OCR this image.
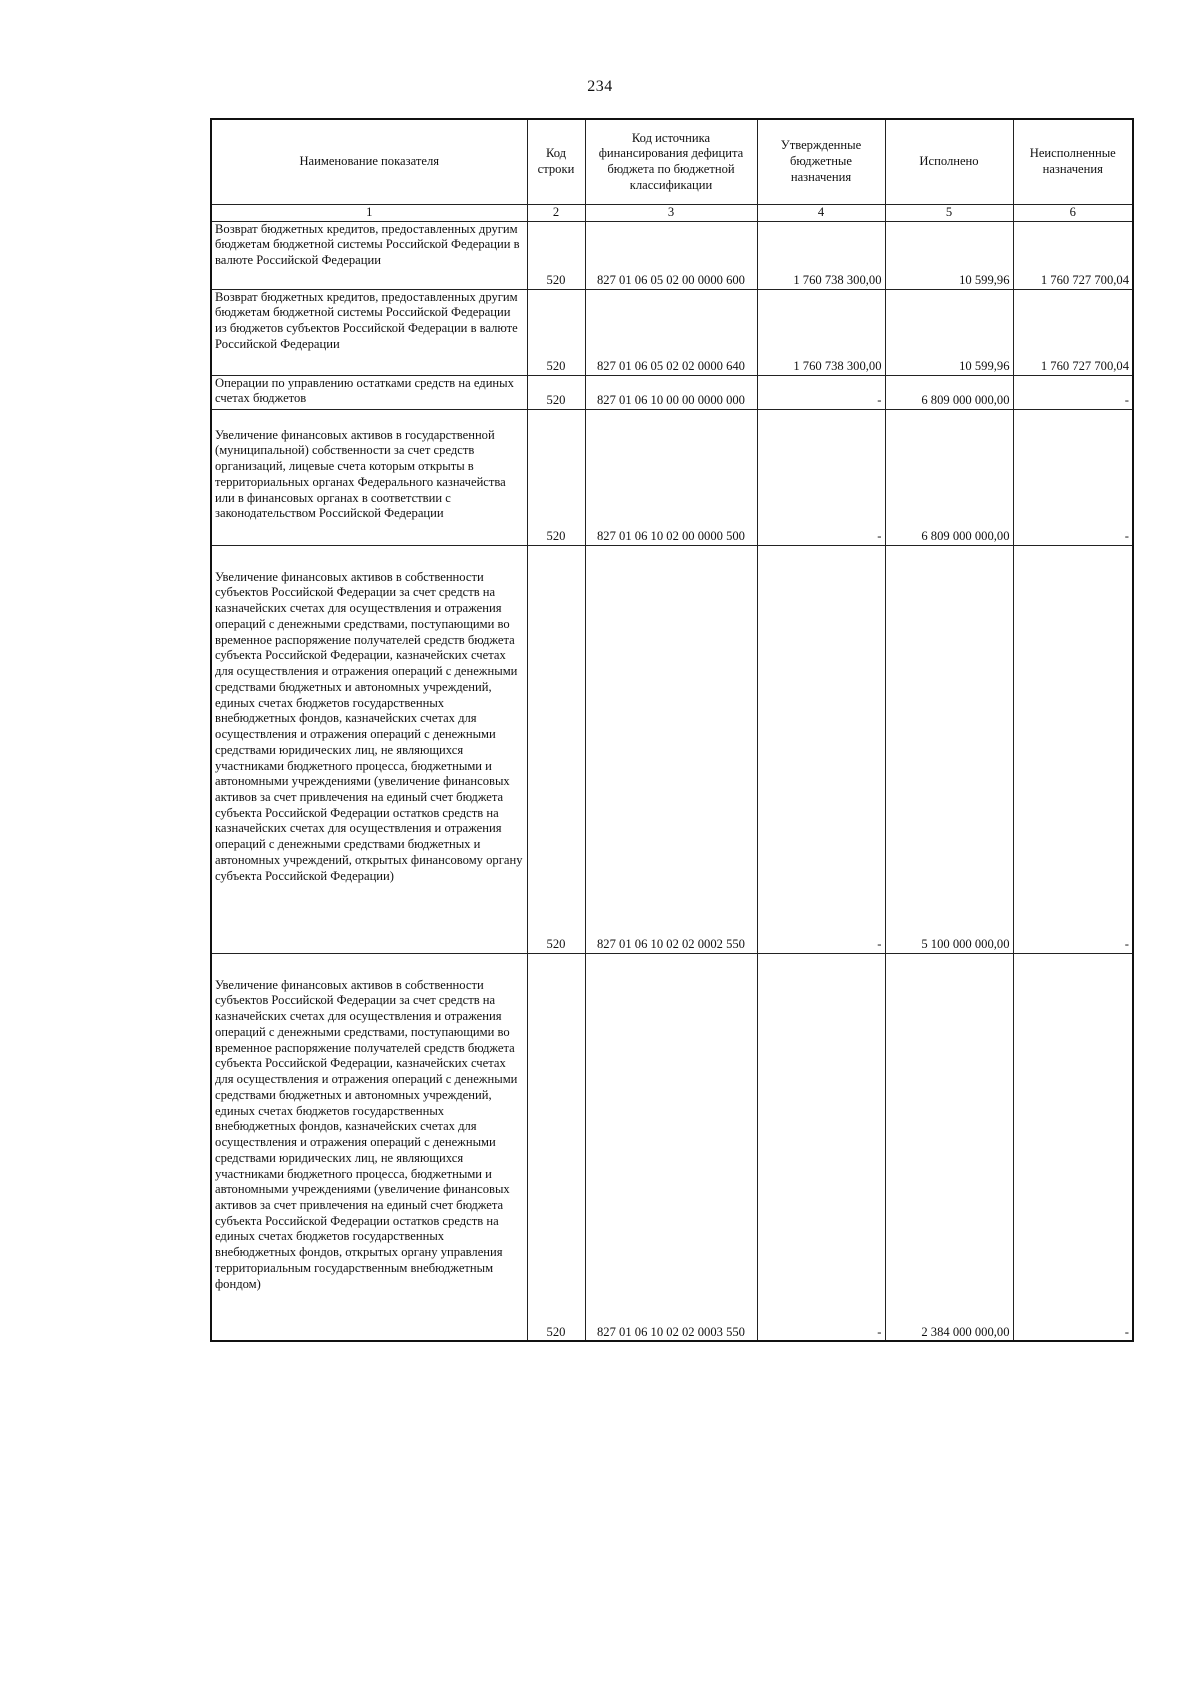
234
Наименование показателя	Код строки	Код источника финансирования дефицита бюджета по бюджетной классификации	Утвержденные бюджетные назначения	Исполнено	Неисполненные назначения
1	2	3	4	5	6
Возврат бюджетных кредитов, предоставленных другим бюджетам бюджетной системы Российской Федерации в валюте Российской Федерации	520	827 01 06 05 02 00 0000 600	1 760 738 300,00	10 599,96	1 760 727 700,04
Возврат бюджетных кредитов, предоставленных другим бюджетам бюджетной системы Российской Федерации из бюджетов субъектов Российской Федерации в валюте Российской Федерации	520	827 01 06 05 02 02 0000 640	1 760 738 300,00	10 599,96	1 760 727 700,04
Операции по управлению остатками средств на единых счетах бюджетов	520	827 01 06 10 00 00 0000 000	-	6 809 000 000,00	-
Увеличение финансовых активов в государственной (муниципальной) собственности за счет средств организаций, лицевые счета которым открыты в территориальных органах Федерального казначейства или в финансовых органах в соответствии с законодательством Российской Федерации	520	827 01 06 10 02 00 0000 500	-	6 809 000 000,00	-
Увеличение финансовых активов в собственности субъектов Российской Федерации за счет средств на казначейских счетах для осуществления и отражения операций с денежными средствами, поступающими во временное распоряжение получателей средств бюджета субъекта Российской Федерации, казначейских счетах для осуществления и отражения операций с денежными средствами бюджетных и автономных учреждений, единых счетах бюджетов государственных внебюджетных фондов, казначейских счетах для осуществления и отражения операций с денежными средствами юридических лиц, не являющихся участниками бюджетного процесса, бюджетными и автономными учреждениями (увеличение финансовых активов за счет привлечения на единый счет бюджета субъекта Российской Федерации остатков средств на казначейских счетах для осуществления и отражения операций с денежными средствами бюджетных и автономных учреждений, открытых финансовому органу субъекта Российской Федерации)	520	827 01 06 10 02 02 0002 550	-	5 100 000 000,00	-
Увеличение финансовых активов в собственности субъектов Российской Федерации за счет средств на казначейских счетах для осуществления и отражения операций с денежными средствами, поступающими во временное распоряжение получателей средств бюджета субъекта Российской Федерации, казначейских счетах для осуществления и отражения операций с денежными средствами бюджетных и автономных учреждений, единых счетах бюджетов государственных внебюджетных фондов, казначейских счетах для осуществления и отражения операций с денежными средствами юридических лиц, не являющихся участниками бюджетного процесса, бюджетными и автономными учреждениями (увеличение финансовых активов за счет привлечения на единый счет бюджета субъекта Российской Федерации остатков средств на единых счетах бюджетов государственных внебюджетных фондов, открытых органу управления территориальным государственным внебюджетным фондом)	520	827 01 06 10 02 02 0003 550	-	2 384 000 000,00	-
